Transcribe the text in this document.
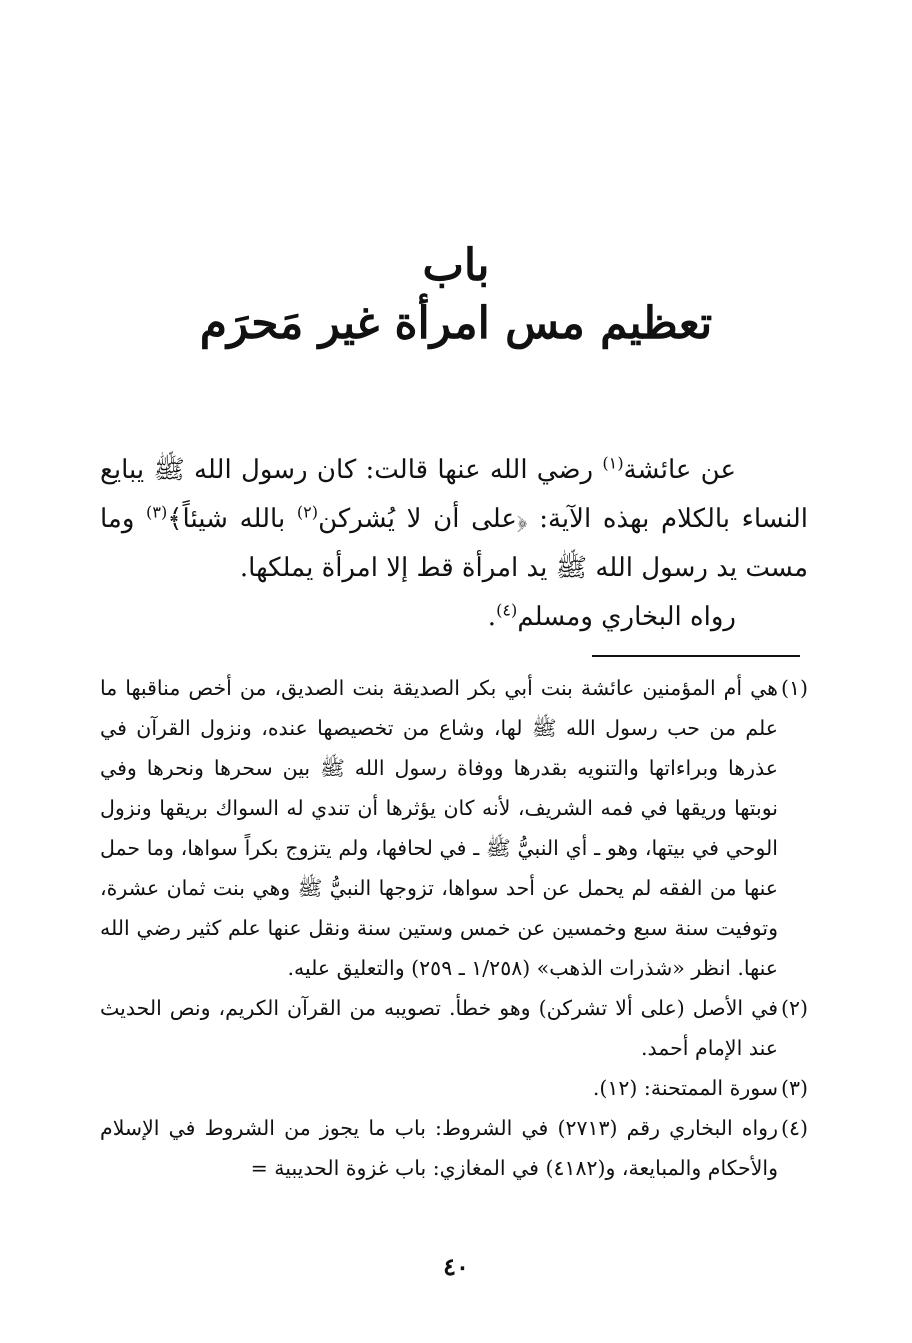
باب
تعظيم مس امرأة غير مَحرَم

عن عائشة$^{(١)}$ رضي الله عنها قالت: كان رسول الله ﷺ يبايع النساء بالكلام بهذه الآية: ﴿على أن لا يُشركن$^{(٢)}$ بالله شيئاً﴾$^{(٣)}$ وما مست يد رسول الله ﷺ يد امرأة قط إلا امرأة يملكها.

رواه البخاري ومسلم$^{(٤)}$.

(١)
هي أم المؤمنين عائشة بنت أبي بكر الصديقة بنت الصديق، من أخص مناقبها ما علم من حب رسول الله ﷺ لها، وشاع من تخصيصها عنده، ونزول القرآن في عذرها وبراءاتها والتنويه بقدرها ووفاة رسول الله ﷺ بين سحرها ونحرها وفي نوبتها وريقها في فمه الشريف، لأنه كان يؤثرها أن تندي له السواك بريقها ونزول الوحي في بيتها، وهو ـ أي النبيُّ ﷺ ـ في لحافها، ولم يتزوج بكراً سواها، وما حمل عنها من الفقه لم يحمل عن أحد سواها، تزوجها النبيُّ ﷺ وهي بنت ثمان عشرة، وتوفيت سنة سبع وخمسين عن خمس وستين سنة ونقل عنها علم كثير رضي الله عنها. انظر «شذرات الذهب» (١/٢٥٨ ـ ٢٥٩) والتعليق عليه.
(٢)
في الأصل (على ألا تشركن) وهو خطأ. تصويبه من القرآن الكريم، ونص الحديث عند الإمام أحمد.
(٣)
سورة الممتحنة: (١٢).
(٤)
رواه البخاري رقم (٢٧١٣) في الشروط: باب ما يجوز من الشروط في الإسلام والأحكام والمبايعة، و(٤١٨٢) في المغازي: باب غزوة الحديبية =
٤٠
